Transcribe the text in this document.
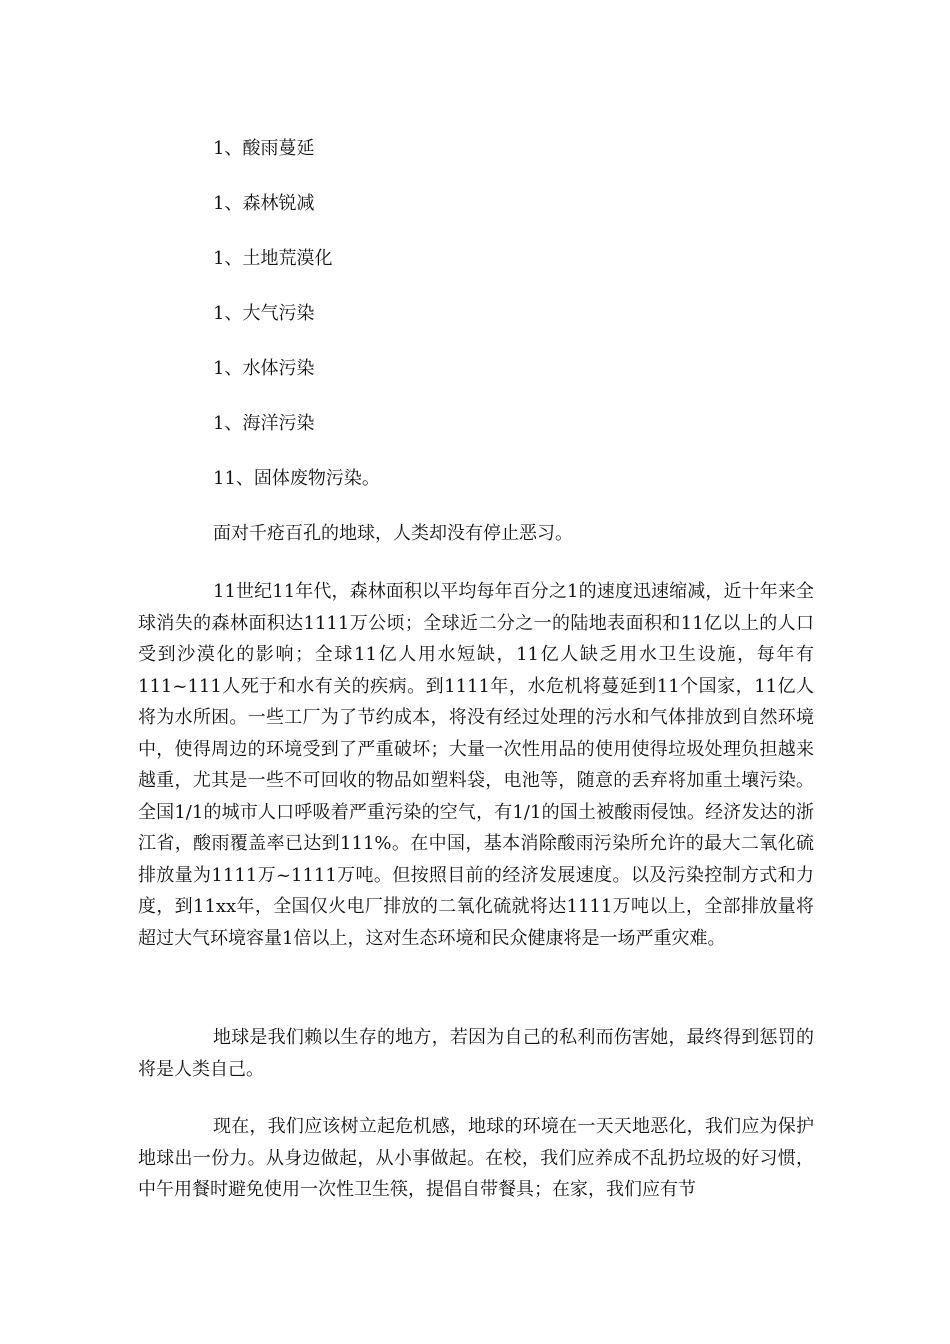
1、酸雨蔓延
1、森林锐减
1、土地荒漠化
1、大气污染
1、水体污染
1、海洋污染
11、固体废物污染。
面对千疮百孔的地球，人类却没有停止恶习。

11世纪11年代，森林面积以平均每年百分之1的速度迅速缩减，近十年来全球消失的森林面积达1111万公顷；全球近二分之一的陆地表面积和11亿以上的人口受到沙漠化的影响；全球11亿人用水短缺，11亿人缺乏用水卫生设施，每年有111~111人死于和水有关的疾病。到1111年，水危机将蔓延到11个国家，11亿人将为水所困。一些工厂为了节约成本，将没有经过处理的污水和气体排放到自然环境中，使得周边的环境受到了严重破坏；大量一次性用品的使用使得垃圾处理负担越来越重，尤其是一些不可回收的物品如塑料袋，电池等，随意的丢弃将加重土壤污染。全国1/1的城市人口呼吸着严重污染的空气，有1/1的国土被酸雨侵蚀。经济发达的浙江省，酸雨覆盖率已达到111%。在中国，基本消除酸雨污染所允许的最大二氧化硫排放量为1111万~1111万吨。但按照目前的经济发展速度。以及污染控制方式和力度，到11xx年，全国仅火电厂排放的二氧化硫就将达1111万吨以上，全部排放量将超过大气环境容量1倍以上，这对生态环境和民众健康将是一场严重灾难。

地球是我们赖以生存的地方，若因为自己的私利而伤害她，最终得到惩罚的将是人类自己。

现在，我们应该树立起危机感，地球的环境在一天天地恶化，我们应为保护地球出一份力。从身边做起，从小事做起。在校，我们应养成不乱扔垃圾的好习惯，中午用餐时避免使用一次性卫生筷，提倡自带餐具；在家，我们应有节
